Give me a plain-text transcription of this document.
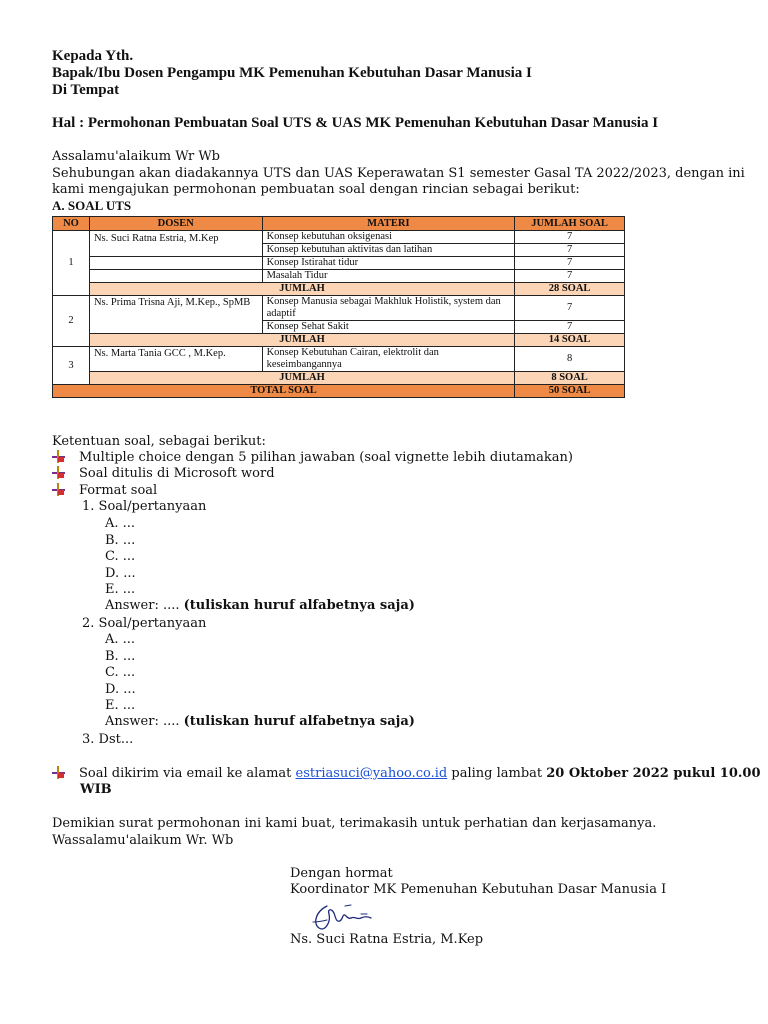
Kepada Yth.
Bapak/Ibu Dosen Pengampu MK Pemenuhan Kebutuhan Dasar Manusia I
Di Tempat
Hal : Permohonan Pembuatan Soal UTS & UAS MK Pemenuhan Kebutuhan Dasar Manusia I
Assalamu'alaikum Wr Wb
Sehubungan akan diadakannya UTS dan UAS Keperawatan S1 semester Gasal TA 2022/2023, dengan ini
kami mengajukan permohonan pembuatan soal dengan rincian sebagai berikut:
A. SOAL UTS
NO	DOSEN	MATERI	JUMLAH SOAL
1	Ns. Suci Ratna Estria, M.Kep	Konsep kebutuhan oksigenasi	7
		Konsep kebutuhan aktivitas dan latihan	7
		Konsep Istirahat tidur	7
		Masalah Tidur	7
	JUMLAH		28 SOAL
2	Ns. Prima Trisna Aji, M.Kep., SpMB	Konsep Manusia sebagai Makhluk Holistik, system dan adaptif	7
		Konsep Sehat Sakit	7
	JUMLAH		14 SOAL
3	Ns. Marta Tania GCC , M.Kep.	Konsep Kebutuhan Cairan, elektrolit dan keseimbangannya	8
	JUMLAH		8 SOAL
TOTAL SOAL			50 SOAL
Ketentuan soal, sebagai berikut:
Multiple choice dengan 5 pilihan jawaban (soal vignette lebih diutamakan)
Soal ditulis di Microsoft word
Format soal
1. Soal/pertanyaan
A. ...
B. ...
C. ...
D. ...
E. ...
Answer: .... (tuliskan huruf alfabetnya saja)
2. Soal/pertanyaan
A. ...
B. ...
C. ...
D. ...
E. ...
Answer: .... (tuliskan huruf alfabetnya saja)
3. Dst...
Soal dikirim via email ke alamat estriasuci@yahoo.co.id paling lambat 20 Oktober 2022 pukul 10.00
WIB
Demikian surat permohonan ini kami buat, terimakasih untuk perhatian dan kerjasamanya.
Wassalamu'alaikum Wr. Wb
Dengan hormat
Koordinator MK Pemenuhan Kebutuhan Dasar Manusia I
Ns. Suci Ratna Estria, M.Kep
